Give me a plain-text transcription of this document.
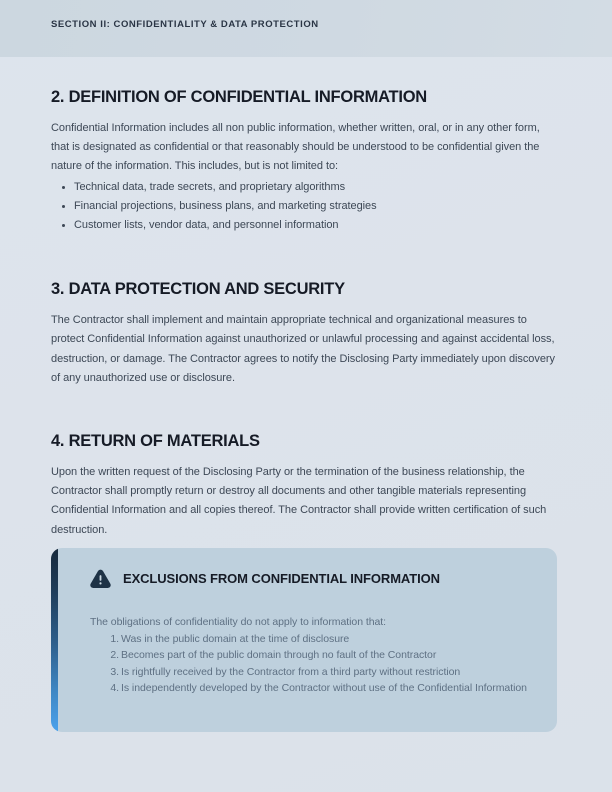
SECTION II: CONFIDENTIALITY & DATA PROTECTION
2. DEFINITION OF CONFIDENTIAL INFORMATION

Confidential Information includes all non public information, whether written, oral, or in any other form, that is designated as confidential or that reasonably should be understood to be confidential given the nature of the information. This includes, but is not limited to:

Technical data, trade secrets, and proprietary algorithms
Financial projections, business plans, and marketing strategies
Customer lists, vendor data, and personnel information
3. DATA PROTECTION AND SECURITY

The Contractor shall implement and maintain appropriate technical and organizational measures to protect Confidential Information against unauthorized or unlawful processing and against accidental loss, destruction, or damage. The Contractor agrees to notify the Disclosing Party immediately upon discovery of any unauthorized use or disclosure.

4. RETURN OF MATERIALS

Upon the written request of the Disclosing Party or the termination of the business relationship, the Contractor shall promptly return or destroy all documents and other tangible materials representing Confidential Information and all copies thereof. The Contractor shall provide written certification of such destruction.

EXCLUSIONS FROM CONFIDENTIAL INFORMATION

The obligations of confidentiality do not apply to information that:

Was in the public domain at the time of disclosure
Becomes part of the public domain through no fault of the Contractor
Is rightfully received by the Contractor from a third party without restriction
Is independently developed by the Contractor without use of the Confidential Information
